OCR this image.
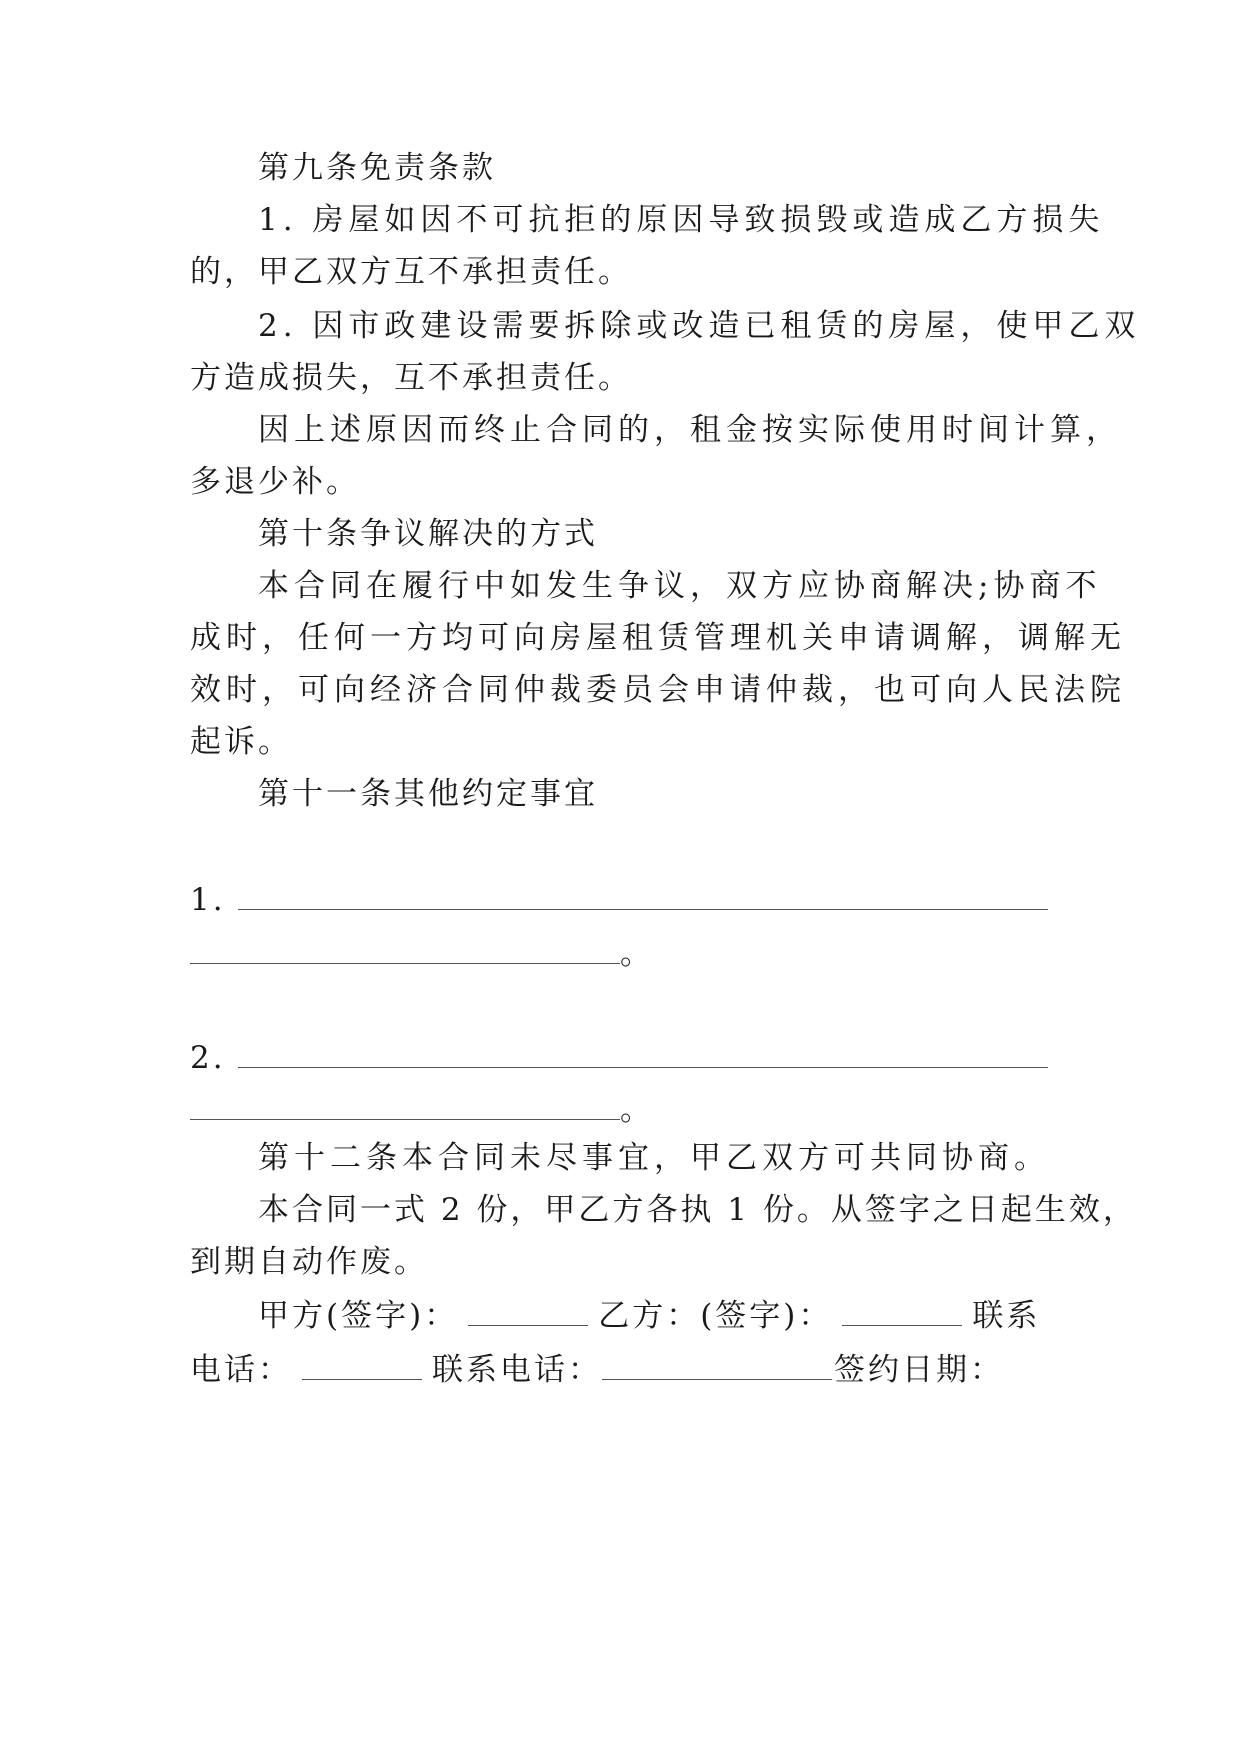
第九条免责条款
1. 房屋如因不可抗拒的原因导致损毁或造成乙方损失
的，甲乙双方互不承担责任。
2. 因市政建设需要拆除或改造已租赁的房屋，使甲乙双
方造成损失，互不承担责任。
因上述原因而终止合同的，租金按实际使用时间计算，
多退少补。
第十条争议解决的方式
本合同在履行中如发生争议，双方应协商解决;协商不
成时，任何一方均可向房屋租赁管理机关申请调解，调解无
效时，可向经济合同仲裁委员会申请仲裁，也可向人民法院
起诉。
第十一条其他约定事宜
1.
。
2.
。
第十二条本合同未尽事宜，甲乙双方可共同协商。
本合同一式 2 份，甲乙方各执 1 份。从签字之日起生效，
到期自动作废。
甲方(签字)：	乙方：(签字)：	联系
电话：	联系电话：	签约日期：
